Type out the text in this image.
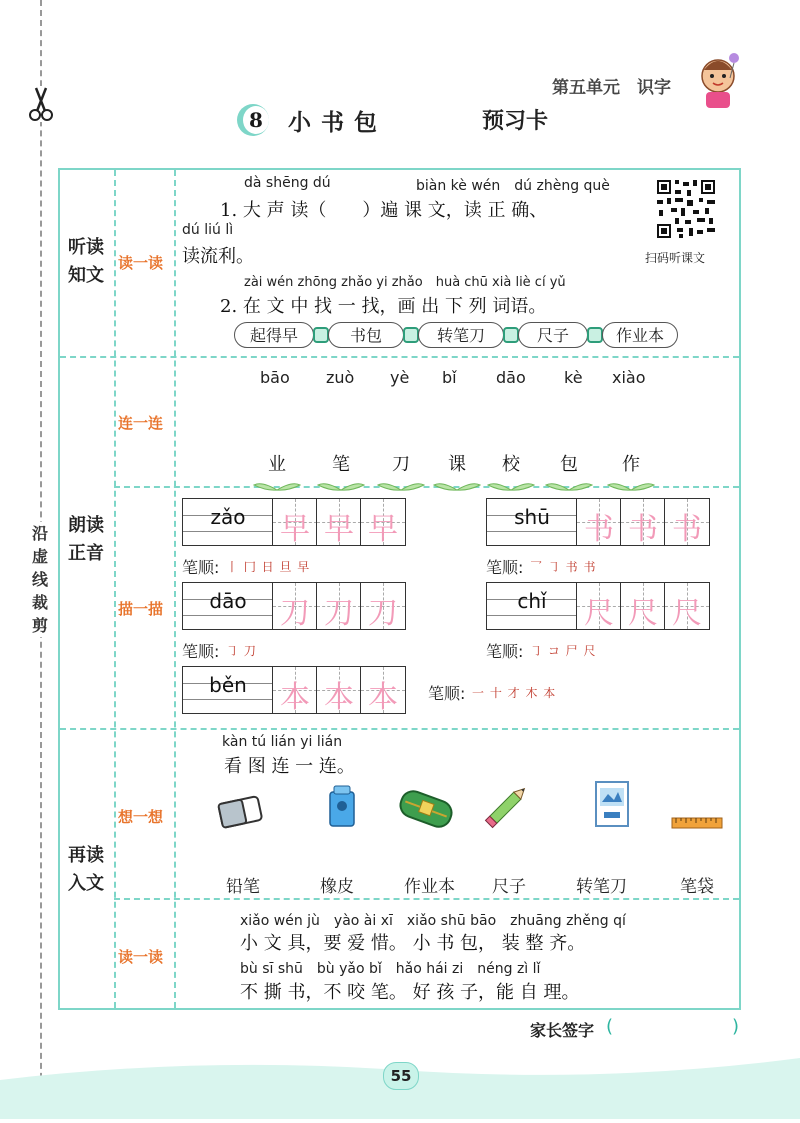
沿
虚
线
裁
剪
第五单元　识字
8 小书包	预习卡
听读
知文
朗读
正音
再读
入文
读一读
连一连
描一描
想一想
读一读
dà shēng dú	biàn kè wén　dú zhèng què
1. 大 声 读（　　）遍 课 文，读 正 确、
dú liú lì
读流利。
zài wén zhōng zhǎo yi zhǎo　huà chū xià liè cí yǔ
2. 在 文 中 找 一 找，画 出 下 列 词语。
起得早	书包	转笔刀	尺子	作业本
扫码听课文
bāo zuò yè bǐ dāo kè xiào
业	笔	刀	课	校	包	作
zǎo	早 早 早
笔顺: 丨 冂 日 旦 早
shū	书 书 书
笔顺: 乛 ㇆ 书 书
dāo	刀 刀 刀
笔顺: ㇆ 刀
chǐ	尺 尺 尺
笔顺: ㇆ コ 尸 尺
běn	本 本 本	笔顺: 一 十 才 木 本
kàn tú lián yi lián
看 图 连 一 连。
铅笔	橡皮	作业本 尺子	转笔刀	笔袋
xiǎo wén jù　yào ài xī　xiǎo shū bāo　zhuāng zhěng qí
小 文 具，要 爱 惜。 小 书 包， 装 整 齐。
bù sī shū　bù yǎo bǐ　hǎo hái zi　néng zì lǐ
不 撕 书，不 咬 笔。 好 孩 子，能 自 理。
家长签字 (	)
55
